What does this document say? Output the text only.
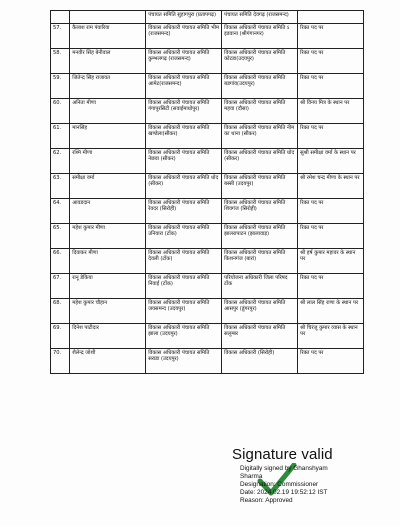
		पंचायत समिति सुहागपुरा (प्रतापगढ़)	पंचायत समिति देवगढ़ (राजसमन्द)	
57.	कैलाश राम पंवारिया	विकास अधिकारी पंचायत समिति भीम (राजसमन्द)	विकास अधिकारी पंचायत समिति ऽ इडवाना (श्रीगंगानगर)	रिक्त पद पर
58.	मनवीर सिंह बेनीवाल	विकास अधिकारी पंचायत समिति कुम्भलगढ़ (राजसमन्द)	विकास अधिकारी पंचायत समिति कोटडा(उदयपुर)	रिक्त पद पर
59.	जितेन्द्र सिंह राजावत	विकास अधिकारी पंचायत समिति आमेट(राजसमन्द)	विकास अधिकारी पंचायत समिति बडगांव(उदयपुर)	रिक्त पद पर
60.	अनिता मीणा	विकास अधिकारी पंचायत समिति गंगापुरसिटी (सवाईमाधोपुर)	विकास अधिकारी पंचायत समिति महवा (दौसा)	श्री विनय मित्र के स्थान पर
61.	मानसिंह	विकास अधिकारी पंचायत समिति खण्डेला(सीकर)	विकास अधिकारी पंचायत समिति नीम का थाना (सीकर)	रिक्त पद पर
62.	रश्मि मीणा	विकास अधिकारी पंचायत समिति नेछवा (सीकर)	विकास अधिकारी पंचायत समिति धोद (सीकर)	सुश्री समीक्षा वर्मा के स्थान पर
63.	समीक्षा वर्मा	विकास अधिकारी पंचायत समिति धोद (सीकर)	विकास अधिकारी पंचायत समिति बस्सी (उदयपुर)	श्री रमेश चन्द्र मीणा के स्थान पर
64.	आवडदान	विकास अधिकारी पंचायत समिति रेवदर (सिरोही)	विकास अधिकारी पंचायत समिति शिवगंज (सिरोही)	रिक्त पद पर
65.	महेश कुमार मीणा	विकास अधिकारी पंचायत समिति उनियारा (टोंक)	विकास अधिकारी पंचायत समिति झालरापाटन (झालावाड़)	रिक्त पद पर
66.	दिवाकर मीणा	विकास अधिकारी पंचायत समिति देवली (टोंक)	विकास अधिकारी पंचायत समिति किशनगंज (बारां)	श्री हर्ष कुमार महावर के स्थान पर
67.	रानू डेकिया	विकास अधिकारी पंचायत समिति निवाई (टोंक)	परियोजना अधिकारी जिला परिषद टोंक	रिक्त पद पर
68.	महेश कुमार चौहान	विकास अधिकारी पंचायत समिति जयसमन्द (उदयपुर)	विकास अधिकारी पंचायत समिति आसपुर (डूंगरपुर)	श्री लाल सिंह राणा के स्थान पर
69.	दिनेश पाटीदार	विकास अधिकारी पंचायत समिति झाला (उदयपुर)	विकास अधिकारी पंचायत समिति सलूम्बर	श्री चिरंजू कुमार व्यास के स्थान पर
70.	शैलेन्द्र जोशी	विकास अधिकारी पंचायत समिति सराडा (उदयपुर)	विकास अधिकारी (सिरोही)	रिक्त पद पर
Signature valid
Digitally signed by Ghanshyam
Sharma
Designation: Commissioner
Date: 2024.02.19 19:52:12 IST
Reason: Approved
